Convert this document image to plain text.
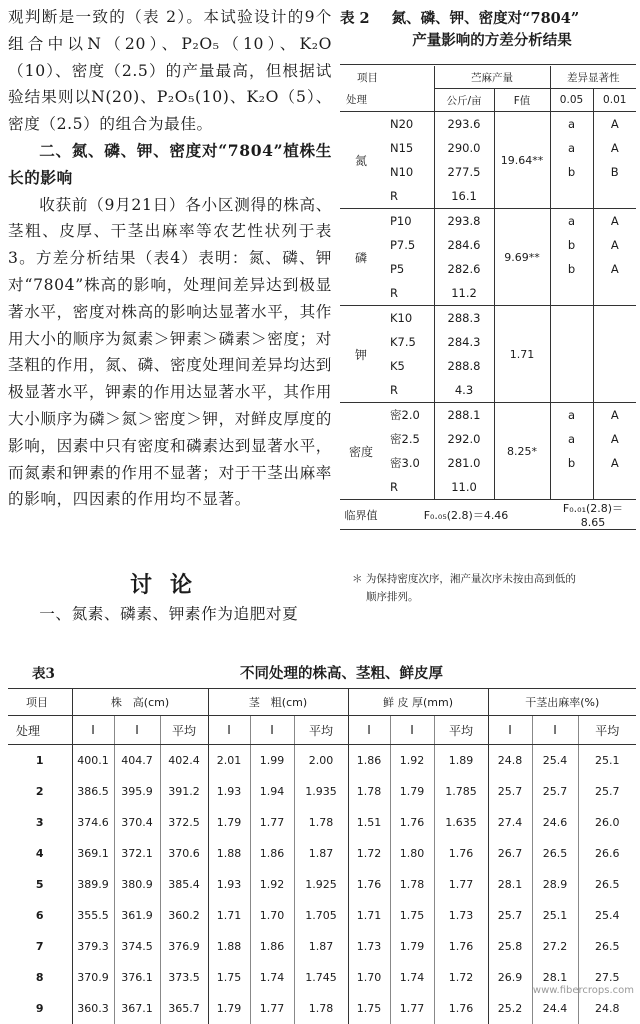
观判断是一致的（表 2）。本试验设计的9个组合中以N（20）、P₂O₅（10）、K₂O（10）、密度（2.5）的产量最高，但根据试验结果则以N(20)、P₂O₅(10)、K₂O（5）、密度（2.5）的组合为最佳。

二、氮、磷、钾、密度对“7804”植株生长的影响

收获前（9月21日）各小区测得的株高、茎粗、皮厚、干茎出麻率等农艺性状列于表3。方差分析结果（表4）表明：氮、磷、钾对“7804”株高的影响，处理间差异达到极显著水平，密度对株高的影响达显著水平，其作用大小的顺序为氮素＞钾素＞磷素＞密度；对茎粗的作用，氮、磷、密度处理间差异均达到极显著水平，钾素的作用达显著水平，其作用大小顺序为磷＞氮＞密度＞钾，对鲜皮厚度的影响，因素中只有密度和磷素达到显著水平，而氮素和钾素的作用不显著；对于干茎出麻率的影响，四因素的作用均不显著。

讨论
一、氮素、磷素、钾素作为追肥对夏
表 2 氮、磷、钾、密度对“7804”
产量影响的方差分析结果
项目		苎麻产量		差异显著性	
处理		公斤/亩	F值	0.05	0.01
氮	N20	293.6	19.64**	a	A
	N15	290.0		a	A
	N10	277.5		b	B
	R	16.1			
磷	P10	293.8	9.69**	a	A
	P7.5	284.6		b	A
	P5	282.6		b	A
	R	11.2			
钾	K10	288.3	1.71		
	K7.5	284.3			
	K5	288.8			
	R	4.3			
密度	密2.0	288.1	8.25*	a	A
	密2.5	292.0		a	A
	密3.0	281.0		b	A
	R	11.0			
临界值	F₀.₀₅(2.8)＝4.46			F₀.₀₁(2.8)＝8.65	
＊ 为保持密度次序，湘产量次序未按由高到低的
顺序排列。
表3	不同处理的株高、茎粗、鲜皮厚
项目	株　高(cm)			茎　粗(cm)			鲜 皮 厚(mm)			干茎出麻率(%)		
处理	I	I	平均	I	I	平均	I	I	平均	I	I	平均
1	400.1	404.7	402.4	2.01	1.99	2.00	1.86	1.92	1.89	24.8	25.4	25.1
2	386.5	395.9	391.2	1.93	1.94	1.935	1.78	1.79	1.785	25.7	25.7	25.7
3	374.6	370.4	372.5	1.79	1.77	1.78	1.51	1.76	1.635	27.4	24.6	26.0
4	369.1	372.1	370.6	1.88	1.86	1.87	1.72	1.80	1.76	26.7	26.5	26.6
5	389.9	380.9	385.4	1.93	1.92	1.925	1.76	1.78	1.77	28.1	28.9	26.5
6	355.5	361.9	360.2	1.71	1.70	1.705	1.71	1.75	1.73	25.7	25.1	25.4
7	379.3	374.5	376.9	1.88	1.86	1.87	1.73	1.79	1.76	25.8	27.2	26.5
8	370.9	376.1	373.5	1.75	1.74	1.745	1.70	1.74	1.72	26.9	28.1	27.5
9	360.3	367.1	365.7	1.79	1.77	1.78	1.75	1.77	1.76	25.2	24.4	24.8
www.fibercrops.com
